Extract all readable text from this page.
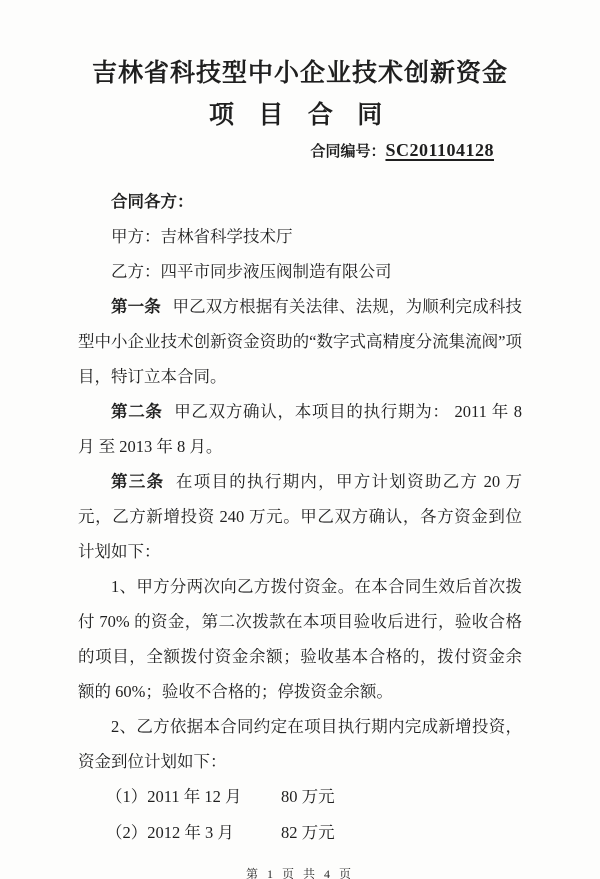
吉林省科技型中小企业技术创新资金
项 目 合 同
合同编号：SC201104128

合同各方：

甲方：吉林省科学技术厅

乙方：四平市同步液压阀制造有限公司

第一条 甲乙双方根据有关法律、法规，为顺利完成科技型中小企业技术创新资金资助的“数字式高精度分流集流阀”项目，特订立本合同。

第二条 甲乙双方确认，本项目的执行期为： 2011 年 8 月 至 2013 年 8 月。

第三条 在项目的执行期内，甲方计划资助乙方 20 万元，乙方新增投资 240 万元。甲乙双方确认，各方资金到位计划如下：

1、甲方分两次向乙方拨付资金。在本合同生效后首次拨付 70% 的资金，第二次拨款在本项目验收后进行，验收合格的项目，全额拨付资金余额；验收基本合格的，拨付资金余额的 60%；验收不合格的；停拨资金余额。

2、乙方依据本合同约定在项目执行期内完成新增投资，资金到位计划如下：

（1）2011 年 12 月	80 万元
（2）2012 年 3 月	82 万元
第 1 页 共 4 页
